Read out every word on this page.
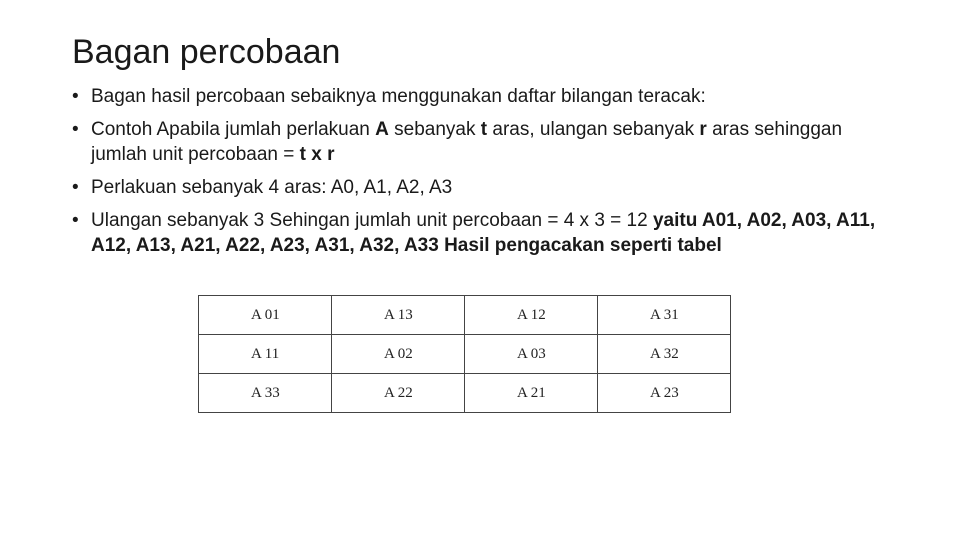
Bagan percobaan
• Bagan hasil percobaan sebaiknya menggunakan daftar bilangan teracak:
• Contoh Apabila jumlah perlakuan A sebanyak t aras, ulangan sebanyak r aras sehinggan jumlah unit percobaan = t x r
• Perlakuan sebanyak 4 aras: A0, A1, A2, A3
• Ulangan sebanyak 3 Sehingan jumlah unit percobaan = 4 x 3 = 12 yaitu A01, A02, A03, A11, A12, A13, A21, A22, A23, A31, A32, A33 Hasil pengacakan seperti tabel
A 01	A 13	A 12	A 31
A 11	A 02	A 03	A 32
A 33	A 22	A 21	A 23
